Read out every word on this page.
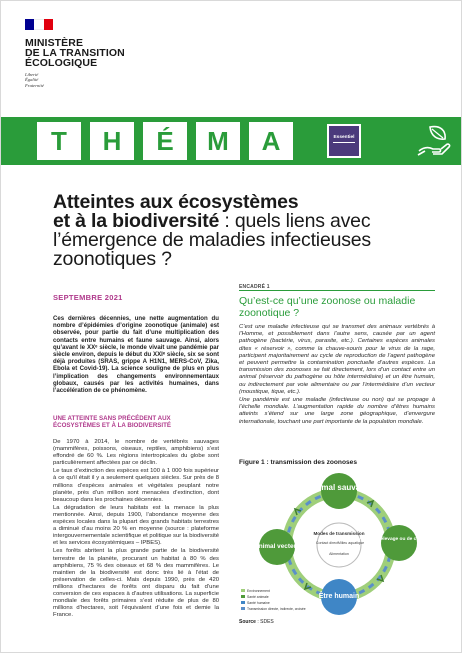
MINISTÈRE
DE LA TRANSITION
ÉCOLOGIQUE
Liberté
Égalité
Fraternité
T	H	É	M	A	Essentiel
Atteintes aux écosystèmes
et à la biodiversité : quels liens avec
l’émergence de maladies infectieuses
zoonotiques ?
SEPTEMBRE 2021
Ces dernières décennies, une nette augmentation du nombre d’épidémies d’origine zoonotique (animale) est observée, pour partie du fait d’une multiplication des contacts entre humains et faune sauvage. Ainsi, alors qu’avant le XXᵉ siècle, le monde vivait une pandémie par siècle environ, depuis le début du XXIᵉ siècle, six se sont déjà produites (SRAS, grippe A H1N1, MERS-CoV, Zika, Ebola et Covid-19). La science souligne de plus en plus l’implication des changements environnementaux globaux, causés par les activités humaines, dans l’accélération de ce phénomène.
UNE ATTEINTE SANS PRÉCÉDENT AUX ÉCOSYSTÈMES ET À LA BIODIVERSITÉ

De 1970 à 2014, le nombre de vertébrés sauvages (mammifères, poissons, oiseaux, reptiles, amphibiens) s’est effondré de 60 %. Les régions intertropicales du globe sont particulièrement affectées par ce déclin.

Le taux d’extinction des espèces est 100 à 1 000 fois supérieur à ce qu’il était il y a seulement quelques siècles. Sur près de 8 millions d’espèces animales et végétales peuplant notre planète, près d’un million sont menacées d’extinction, dont beaucoup dans les prochaines décennies.

La dégradation de leurs habitats est la menace la plus mentionnée. Ainsi, depuis 1900, l’abondance moyenne des espèces locales dans la plupart des grands habitats terrestres a diminué d’au moins 20 % en moyenne (source : plateforme intergouvernementale scientifique et politique sur la biodiversité et les services écosystémiques – IPBES).

Les forêts abritent la plus grande partie de la biodiversité terrestre de la planète, procurant un habitat à 80 % des amphibiens, 75 % des oiseaux et 68 % des mammifères. Le maintien de la biodiversité est donc très lié à l’état de préservation de celles-ci. Mais depuis 1990, près de 420 millions d’hectares de forêts ont disparu du fait d’une conversion de ces espaces à d’autres utilisations. La superficie mondiale des forêts primaires s’est réduite de plus de 80 millions d’hectares, soit l’équivalent d’une fois et demie la France.

ENCADRÉ 1
Qu’est-ce qu’une zoonose ou maladie zoonotique ?

C’est une maladie infectieuse qui se transmet des animaux vertébrés à l’Homme, et possiblement dans l’autre sens, causée par un agent pathogène (bactérie, virus, parasite, etc.). Certaines espèces animales dites « réservoir », comme la chauve-souris pour le virus de la rage, participent majoritairement au cycle de reproduction de l’agent pathogène et peuvent permettre la contamination ponctuelle d’autres espèces. La transmission des zoonoses se fait directement, lors d’un contact entre un animal (réservoir du pathogène ou hôte intermédiaire) et un être humain, ou indirectement par voie alimentaire ou par l’intermédiaire d’un vecteur (moustique, tique, etc.).

Une pandémie est une maladie (infectieuse ou non) qui se propage à l’échelle mondiale. L’augmentation rapide du nombre d’êtres humains atteints s’étend sur une large zone géographique, d’envergure internationale, touchant une part importante de la population mondiale.

Figure 1 : transmission des zoonoses
Modes de transmission
Contact direct Milieu aquatique
Alimentation
Animal sauvage
Animal d’élevage ou de compagnie
Être humain
Animal vecteur
Environnement
Santé animale
Santé humaine
Transmission directe, indirecte, croisée
Source : SDES
